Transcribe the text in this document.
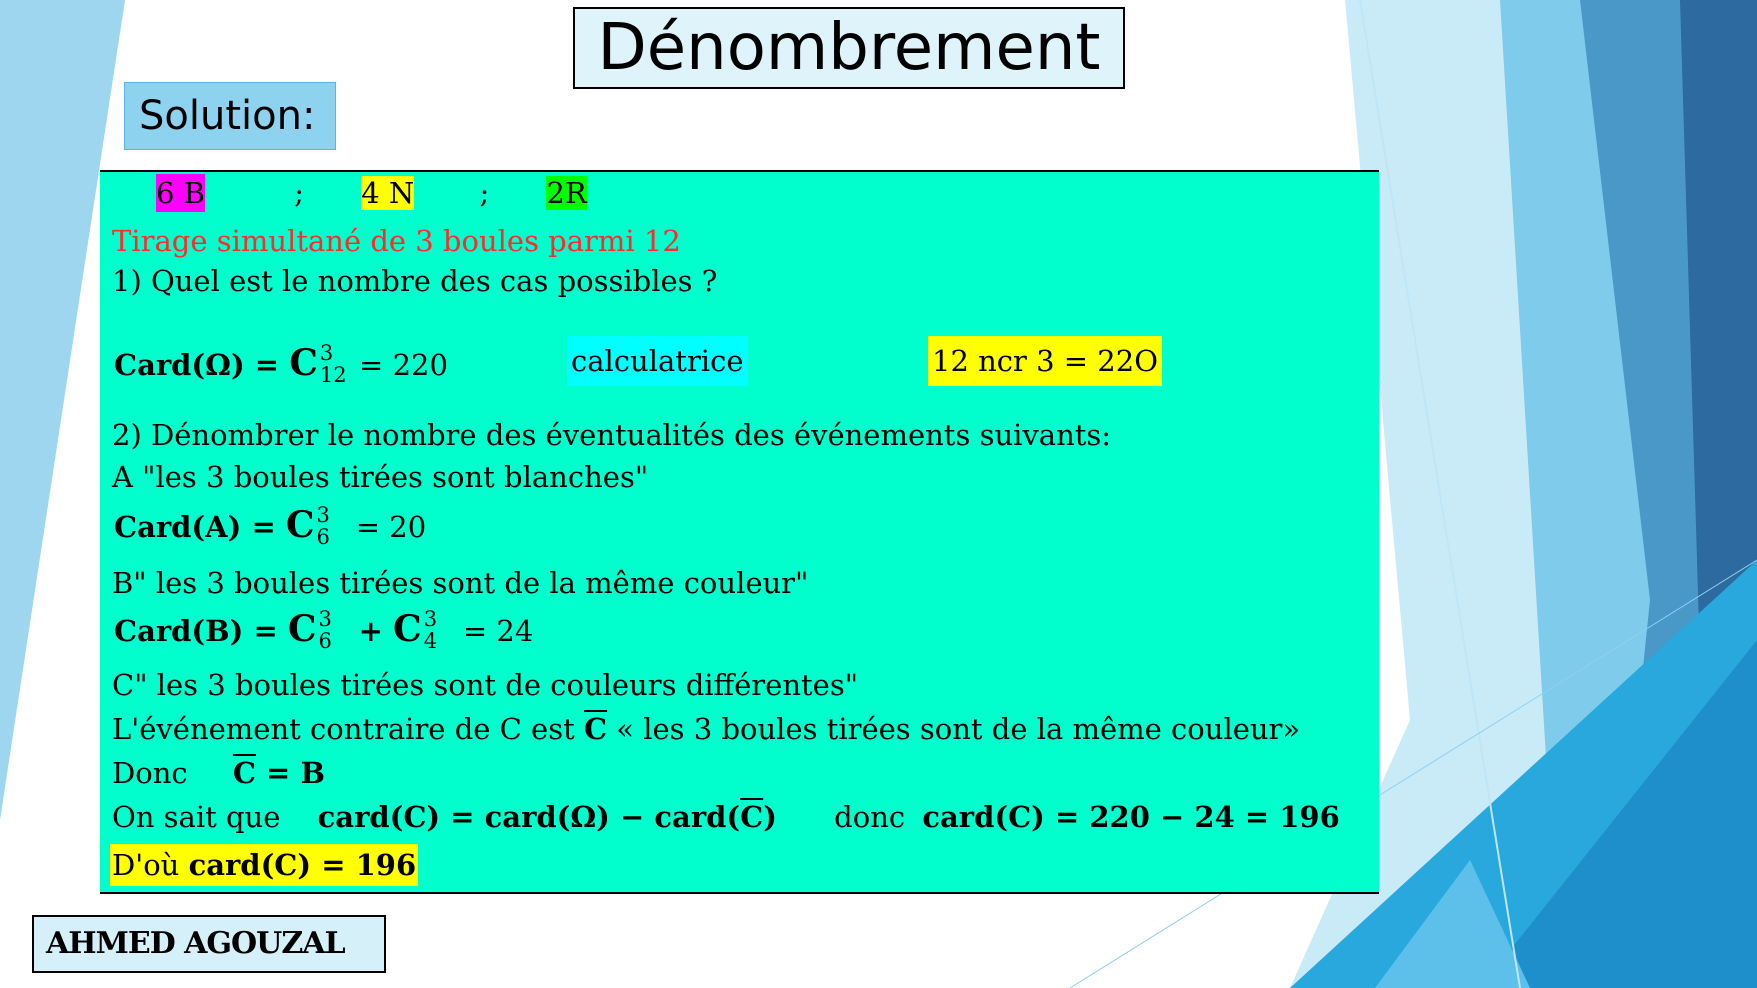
Dénombrement
Solution:
6 B	; 4 N ; 2R
Tirage simultané de 3 boules parmi 12
1) Quel est le nombre des cas possibles ?
Card(Ω) = C 3
12 = 220	calculatrice	12 ncr 3 = 22O
2) Dénombrer le nombre des éventualités des événements suivants:
A "les 3 boules tirées sont blanches"
Card(A) = C 3
6 = 20
B" les 3 boules tirées sont de la même couleur"
Card(B) = C 3
6 + C 3
4 = 24
C" les 3 boules tirées sont de couleurs différentes"
L'événement contraire de C est $\overline{C}$ « les 3 boules tirées sont de la même couleur»
Donc $\overline{C} = B$
On sait que card(C) = card(Ω) − $card(\overline{C})$ donc card(C) = 220 − 24 = 196
D'où card(C) = 196
AHMED AGOUZAL
